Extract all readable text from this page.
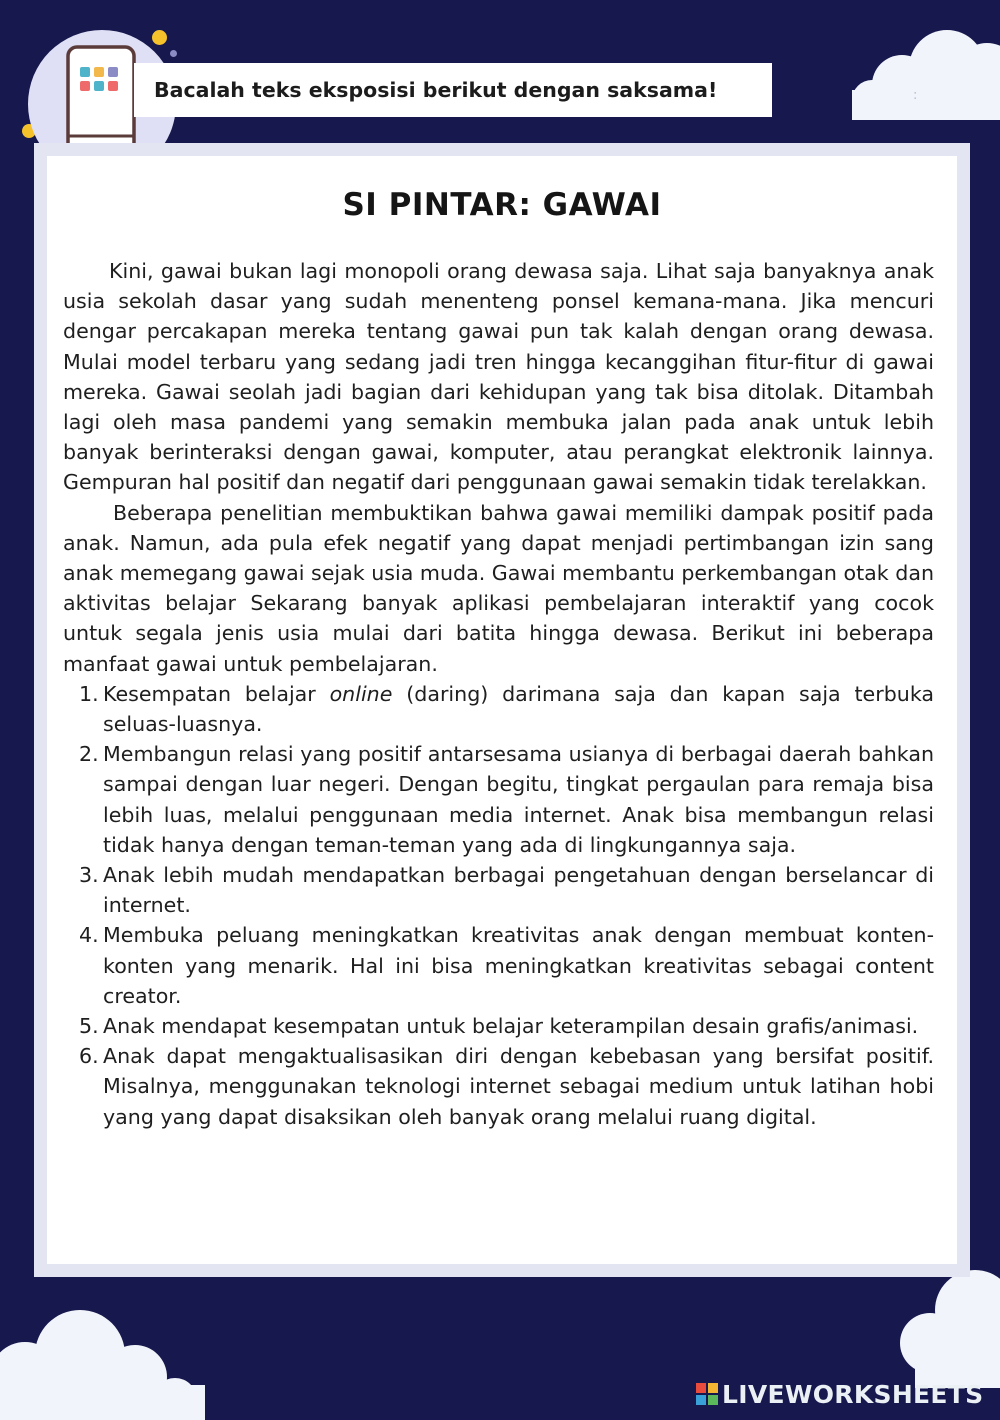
Bacalah teks eksposisi berikut dengan saksama!	:
SI PINTAR: GAWAI

Kini, gawai bukan lagi monopoli orang dewasa saja. Lihat saja banyaknya anak usia sekolah dasar yang sudah menenteng ponsel kemana-mana. Jika mencuri dengar percakapan mereka tentang gawai pun tak kalah dengan orang dewasa. Mulai model terbaru yang sedang jadi tren hingga kecanggihan fitur-fitur di gawai mereka. Gawai seolah jadi bagian dari kehidupan yang tak bisa ditolak. Ditambah lagi oleh masa pandemi yang semakin membuka jalan pada anak untuk lebih banyak berinteraksi dengan gawai, komputer, atau perangkat elektronik lainnya. Gempuran hal positif dan negatif dari penggunaan gawai semakin tidak terelakkan.

Beberapa penelitian membuktikan bahwa gawai memiliki dampak positif pada anak. Namun, ada pula efek negatif yang dapat menjadi pertimbangan izin sang anak memegang gawai sejak usia muda. Gawai membantu perkembangan otak dan aktivitas belajar Sekarang banyak aplikasi pembelajaran interaktif yang cocok untuk segala jenis usia mulai dari batita hingga dewasa. Berikut ini beberapa manfaat gawai untuk pembelajaran.

1. Kesempatan belajar online (daring) darimana saja dan kapan saja terbuka seluas-luasnya.
2. Membangun relasi yang positif antarsesama usianya di berbagai daerah bahkan sampai dengan luar negeri. Dengan begitu, tingkat pergaulan para remaja bisa lebih luas, melalui penggunaan media internet. Anak bisa membangun relasi tidak hanya dengan teman-teman yang ada di lingkungannya saja.
3. Anak lebih mudah mendapatkan berbagai pengetahuan dengan berselancar di internet.
4. Membuka peluang meningkatkan kreativitas anak dengan membuat konten-konten yang menarik. Hal ini bisa meningkatkan kreativitas sebagai content creator.
5. Anak mendapat kesempatan untuk belajar keterampilan desain grafis/animasi.
6. Anak dapat mengaktualisasikan diri dengan kebebasan yang bersifat positif. Misalnya, menggunakan teknologi internet sebagai medium untuk latihan hobi yang yang dapat disaksikan oleh banyak orang melalui ruang digital.
LIVEWORKSHEETS
